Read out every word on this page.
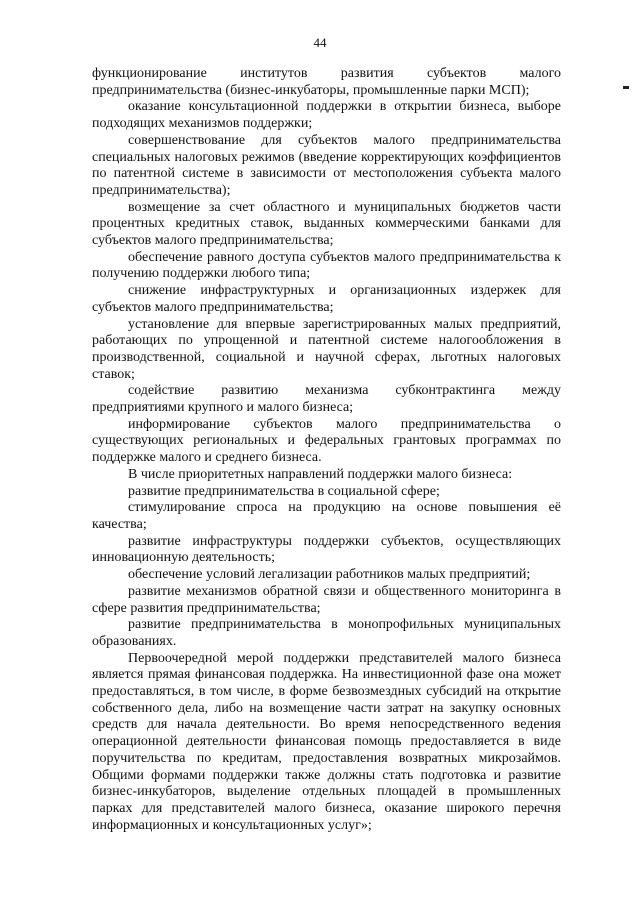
44

функционирование институтов развития субъектов малого предпринимательства (бизнес-инкубаторы, промышленные парки МСП);

оказание консультационной поддержки в открытии бизнеса, выборе подходящих механизмов поддержки;

совершенствование для субъектов малого предпринимательства специальных налоговых режимов (введение корректирующих коэффициентов по патентной системе в зависимости от местоположения субъекта малого предпринимательства);

возмещение за счет областного и муниципальных бюджетов части процентных кредитных ставок, выданных коммерческими банками для субъектов малого предпринимательства;

обеспечение равного доступа субъектов малого предпринимательства к получению поддержки любого типа;

снижение инфраструктурных и организационных издержек для субъектов малого предпринимательства;

установление для впервые зарегистрированных малых предприятий, работающих по упрощенной и патентной системе налогообложения в производственной, социальной и научной сферах, льготных налоговых ставок;

содействие развитию механизма субконтрактинга между предприятиями крупного и малого бизнеса;

информирование субъектов малого предпринимательства о существующих региональных и федеральных грантовых программах по поддержке малого и среднего бизнеса.

В числе приоритетных направлений поддержки малого бизнеса:

развитие предпринимательства в социальной сфере;

стимулирование спроса на продукцию на основе повышения её качества;

развитие инфраструктуры поддержки субъектов, осуществляющих инновационную деятельность;

обеспечение условий легализации работников малых предприятий;

развитие механизмов обратной связи и общественного мониторинга в сфере развития предпринимательства;

развитие предпринимательства в монопрофильных муниципальных образованиях.

Первоочередной мерой поддержки представителей малого бизнеса является прямая финансовая поддержка. На инвестиционной фазе она может предоставляться, в том числе, в форме безвозмездных субсидий на открытие собственного дела, либо на возмещение части затрат на закупку основных средств для начала деятельности. Во время непосредственного ведения операционной деятельности финансовая помощь предоставляется в виде поручительства по кредитам, предоставления возвратных микрозаймов. Общими формами поддержки также должны стать подготовка и развитие бизнес-инкубаторов, выделение отдельных площадей в промышленных парках для представителей малого бизнеса, оказание широкого перечня информационных и консультационных услуг»;
